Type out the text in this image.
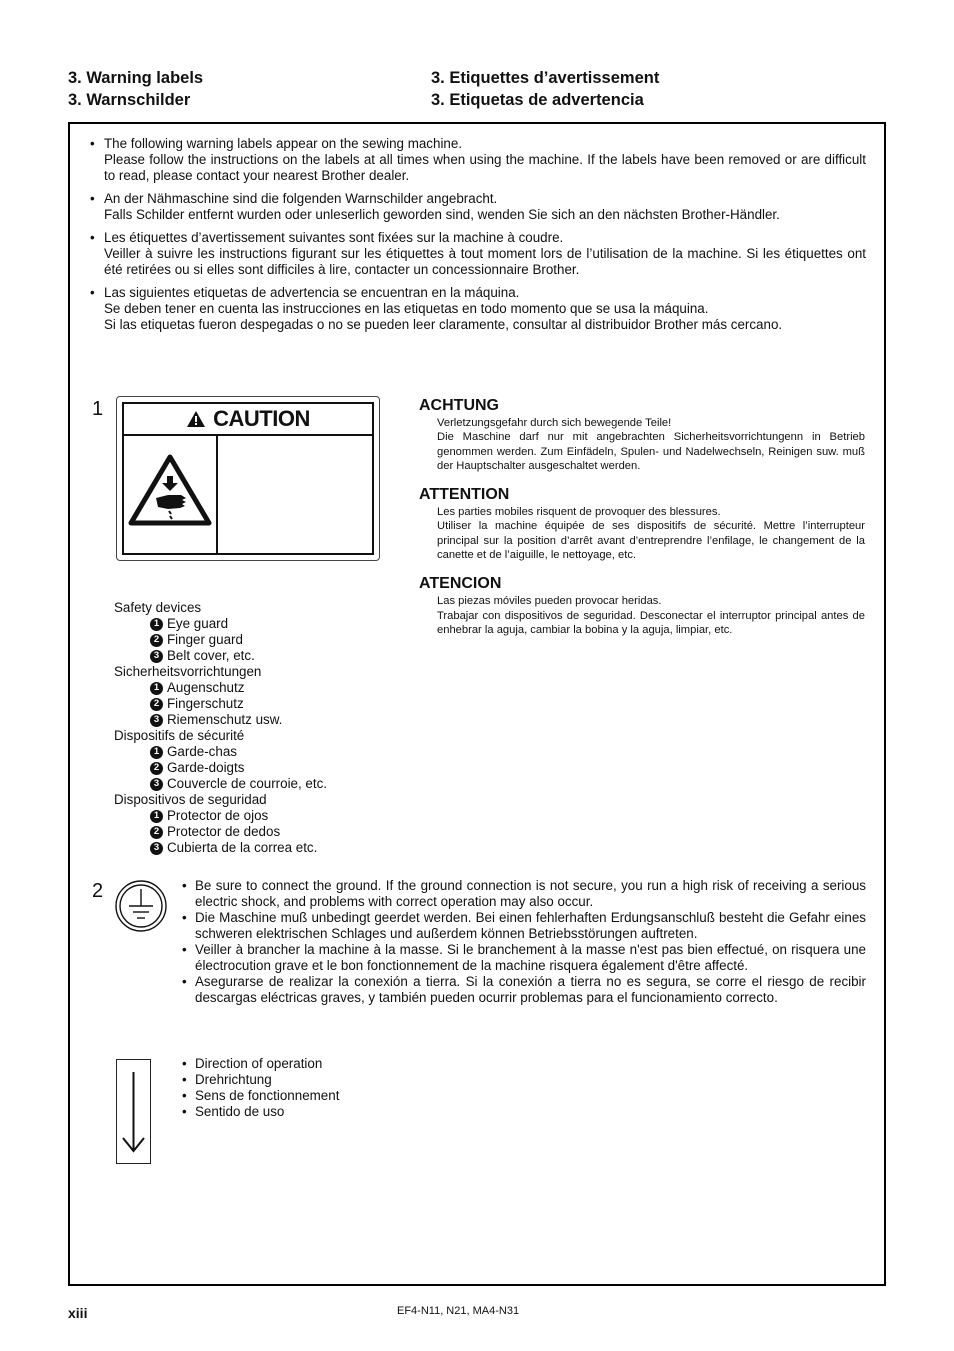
3. Warning labels
3. Warnschilder
3. Etiquettes d’avertissement
3. Etiquetas de advertencia
• The following warning labels appear on the sewing machine.
Please follow the instructions on the labels at all times when using the machine. If the labels have been removed or are difficult to read, please contact your nearest Brother dealer.
• An der Nähmaschine sind die folgenden Warnschilder angebracht.
Falls Schilder entfernt wurden oder unleserlich geworden sind, wenden Sie sich an den nächsten Brother-Händler.
• Les étiquettes d’avertissement suivantes sont fixées sur la machine à coudre.
Veiller à suivre les instructions figurant sur les étiquettes à tout moment lors de l’utilisation de la machine. Si les étiquettes ont été retirées ou si elles sont difficiles à lire, contacter un concessionnaire Brother.
• Las siguientes etiquetas de advertencia se encuentran en la máquina.
Se deben tener en cuenta las instrucciones en las etiquetas en todo momento que se usa la máquina.
Si las etiquetas fueron despegadas o no se pueden leer claramente, consultar al distribuidor Brother más cercano.
1	CAUTION
Safety devices
1 Eye guard
2 Finger guard
3 Belt cover, etc.
Sicherheitsvorrichtungen
1 Augenschutz
2 Fingerschutz
3 Riemenschutz usw.
Dispositifs de sécurité
1 Garde-chas
2 Garde-doigts
3 Couvercle de courroie, etc.
Dispositivos de seguridad
1 Protector de ojos
2 Protector de dedos
3 Cubierta de la correa etc.
ACHTUNG
Verletzungsgefahr durch sich bewegende Teile!
Die Maschine darf nur mit angebrachten Sicherheitsvorrichtungenn in Betrieb genommen werden. Zum Einfädeln, Spulen- und Nadelwechseln, Reinigen suw. muß der Hauptschalter ausgeschaltet werden.
ATTENTION
Les parties mobiles risquent de provoquer des blessures.
Utiliser la machine équipée de ses dispositifs de sécurité. Mettre l’interrupteur principal sur la position d’arrêt avant d’entreprendre l’enfilage, le changement de la canette et de l’aiguille, le nettoyage, etc.
ATENCION
Las piezas móviles pueden provocar heridas.
Trabajar con dispositivos de seguridad. Desconectar el interruptor principal antes de enhebrar la aguja, cambiar la bobina y la aguja, limpiar, etc.
2	• Be sure to connect the ground. If the ground connection is not secure, you run a high risk of receiving a serious electric shock, and problems with correct operation may also occur.
• Die Maschine muß unbedingt geerdet werden. Bei einen fehlerhaften Erdungsanschluß besteht die Gefahr eines schweren elektrischen Schlages und außerdem können Betriebsstörungen auftreten.
• Veiller à brancher la machine à la masse. Si le branchement à la masse n'est pas bien effectué, on risquera une électrocution grave et le bon fonctionnement de la machine risquera également d'être affecté.
• Asegurarse de realizar la conexión a tierra. Si la conexión a tierra no es segura, se corre el riesgo de recibir descargas eléctricas graves, y también pueden ocurrir problemas para el funcionamiento correcto.
• Direction of operation
• Drehrichtung
• Sens de fonctionnement
• Sentido de uso
xiii	EF4-N11, N21, MA4-N31
